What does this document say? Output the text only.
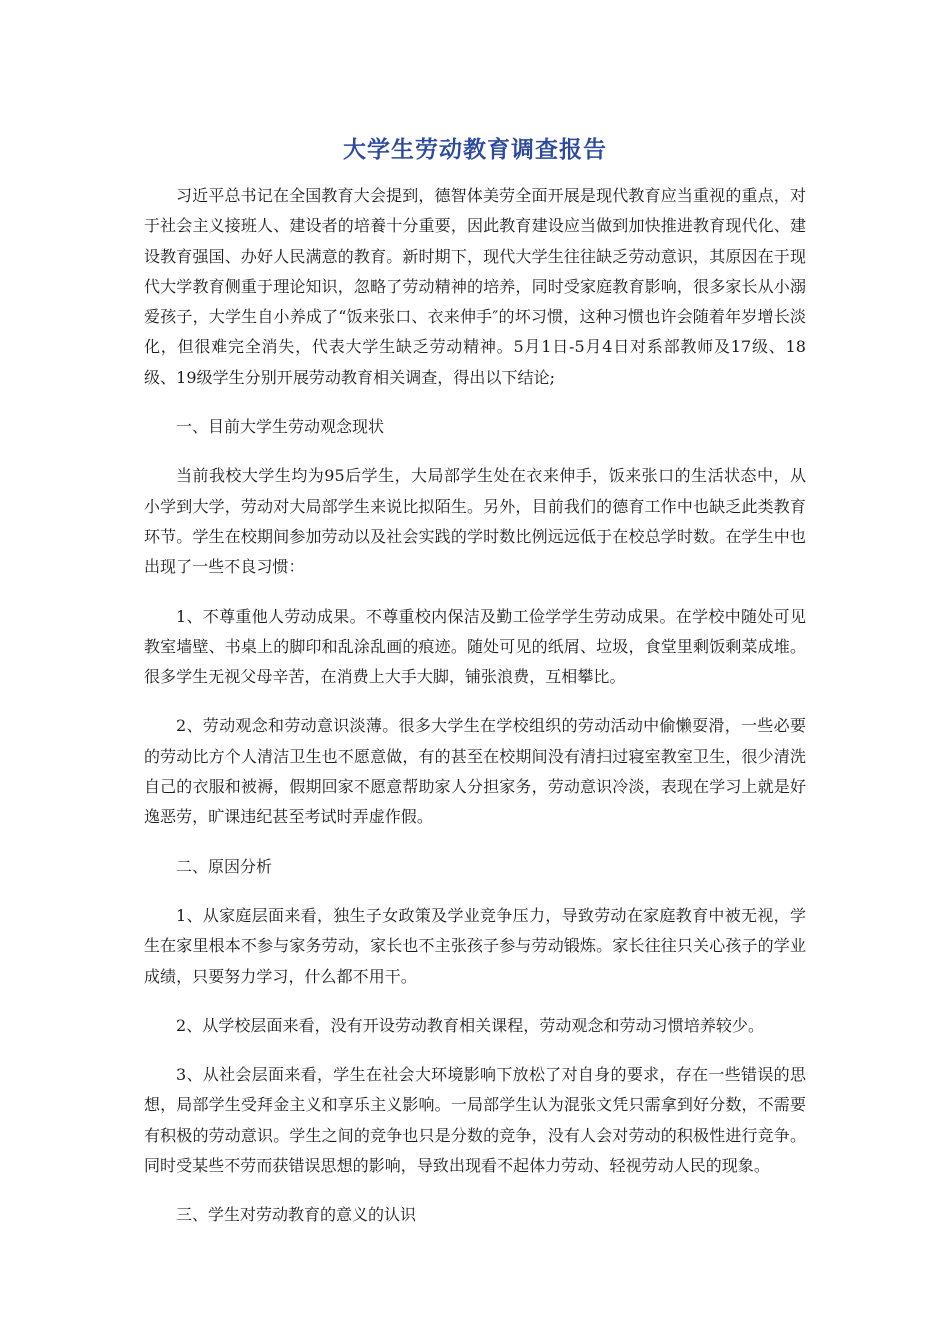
大学生劳动教育调查报告

习近平总书记在全国教育大会提到，德智体美劳全面开展是现代教育应当重视的重点，对于社会主义接班人、建设者的培養十分重要，因此教育建设应当做到加快推进教育现代化、建设教育强国、办好人民满意的教育。新时期下，现代大学生往往缺乏劳动意识，其原因在于现代大学教育侧重于理论知识，忽略了劳动精神的培养，同时受家庭教育影响，很多家长从小溺爱孩子，大学生自小养成了“饭来张口、衣来伸手″的坏习惯，这种习惯也许会随着年岁增长淡化，但很难完全消失，代表大学生缺乏劳动精神。5月1日-5月4日对系部教师及17级、18级、19级学生分别开展劳动教育相关调查，得出以下结论;

一、目前大学生劳动观念现状

当前我校大学生均为95后学生，大局部学生处在衣来伸手，饭来张口的生活状态中，从小学到大学，劳动对大局部学生来说比拟陌生。另外，目前我们的德育工作中也缺乏此类教育环节。学生在校期间参加劳动以及社会实践的学时数比例远远低于在校总学时数。在学生中也出现了一些不良习惯：

1、不尊重他人劳动成果。不尊重校内保洁及勤工俭学学生劳动成果。在学校中随处可见教室墙壁、书桌上的脚印和乱涂乱画的痕迹。随处可见的纸屑、垃圾，食堂里剩饭剩菜成堆。很多学生无视父母辛苦，在消费上大手大脚，铺张浪费，互相攀比。

2、劳动观念和劳动意识淡薄。很多大学生在学校组织的劳动活动中偷懒耍滑，一些必要的劳动比方个人清洁卫生也不愿意做，有的甚至在校期间没有清扫过寝室教室卫生，很少清洗自己的衣服和被褥，假期回家不愿意帮助家人分担家务，劳动意识冷淡，表现在学习上就是好逸恶劳，旷课违纪甚至考试时弄虚作假。

二、原因分析

1、从家庭层面来看，独生子女政策及学业竞争压力，导致劳动在家庭教育中被无视，学生在家里根本不参与家务劳动，家长也不主张孩子参与劳动锻炼。家长往往只关心孩子的学业成绩，只要努力学习，什么都不用干。

2、从学校层面来看，没有开设劳动教育相关课程，劳动观念和劳动习惯培养较少。

3、从社会层面来看，学生在社会大环境影响下放松了对自身的要求，存在一些错误的思想，局部学生受拜金主义和享乐主义影响。一局部学生认为混张文凭只需拿到好分数，不需要有积极的劳动意识。学生之间的竞争也只是分数的竞争，没有人会对劳动的积极性进行竞争。同时受某些不劳而获错误思想的影响，导致出现看不起体力劳动、轻视劳动人民的现象。

三、学生对劳动教育的意义的认识
